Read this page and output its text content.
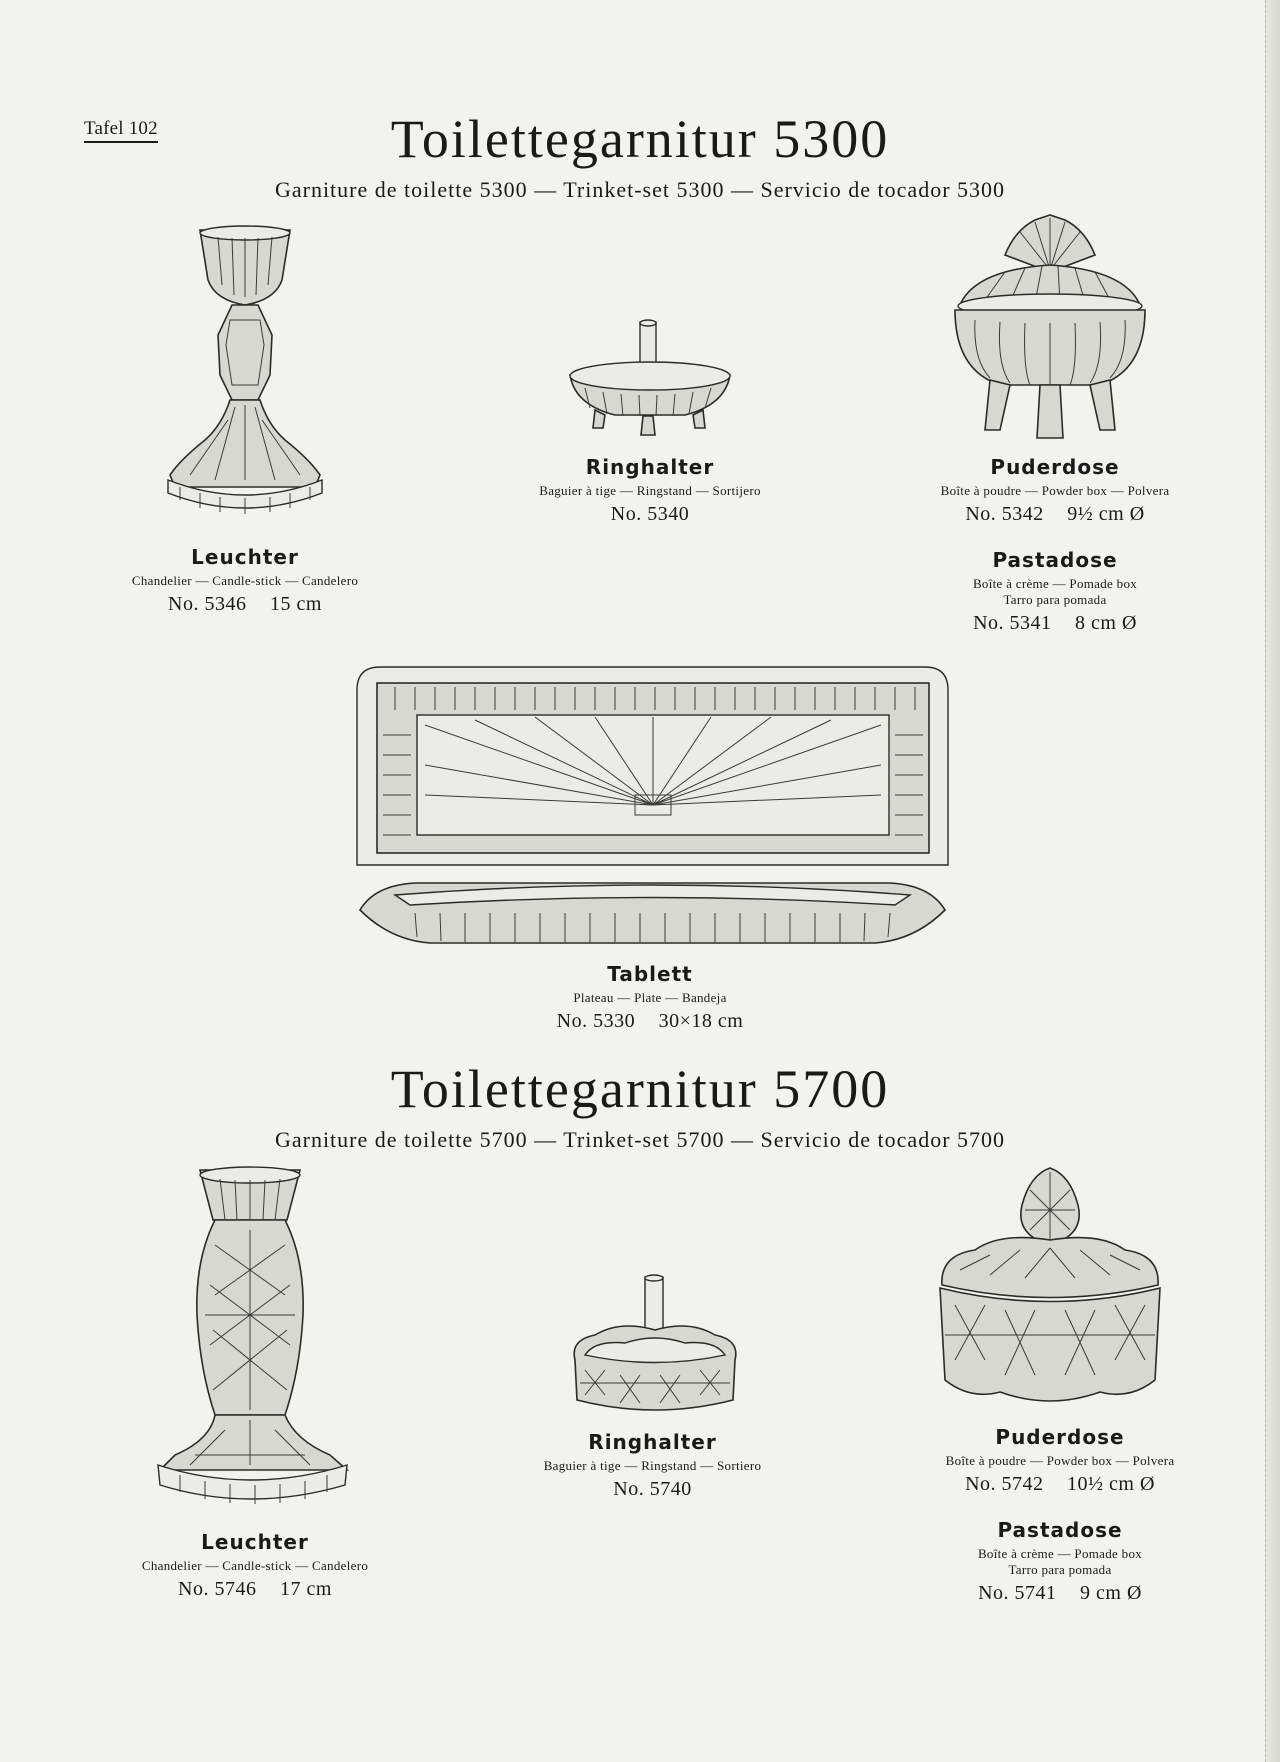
Tafel 102	Toilettegarnitur 5300
Garniture de toilette 5300 — Trinket-set 5300 — Servicio de tocador 5300
Leuchter
Chandelier — Candle-stick — Candelero
No. 5346 15 cm
Ringhalter
Baguier à tige — Ringstand — Sortijero
No. 5340
Puderdose
Boîte à poudre — Powder box — Polvera
No. 5342 9½ cm Ø
Pastadose
Boîte à crème — Pomade box
Tarro para pomada
No. 5341 8 cm Ø
Tablett
Plateau — Plate — Bandeja
No. 5330 30×18 cm
Toilettegarnitur 5700
Garniture de toilette 5700 — Trinket-set 5700 — Servicio de tocador 5700
Leuchter
Chandelier — Candle-stick — Candelero
No. 5746 17 cm
Ringhalter
Baguier à tige — Ringstand — Sortiero
No. 5740
Puderdose
Boîte à poudre — Powder box — Polvera
No. 5742 10½ cm Ø
Pastadose
Boîte à crème — Pomade box
Tarro para pomada
No. 5741 9 cm Ø
